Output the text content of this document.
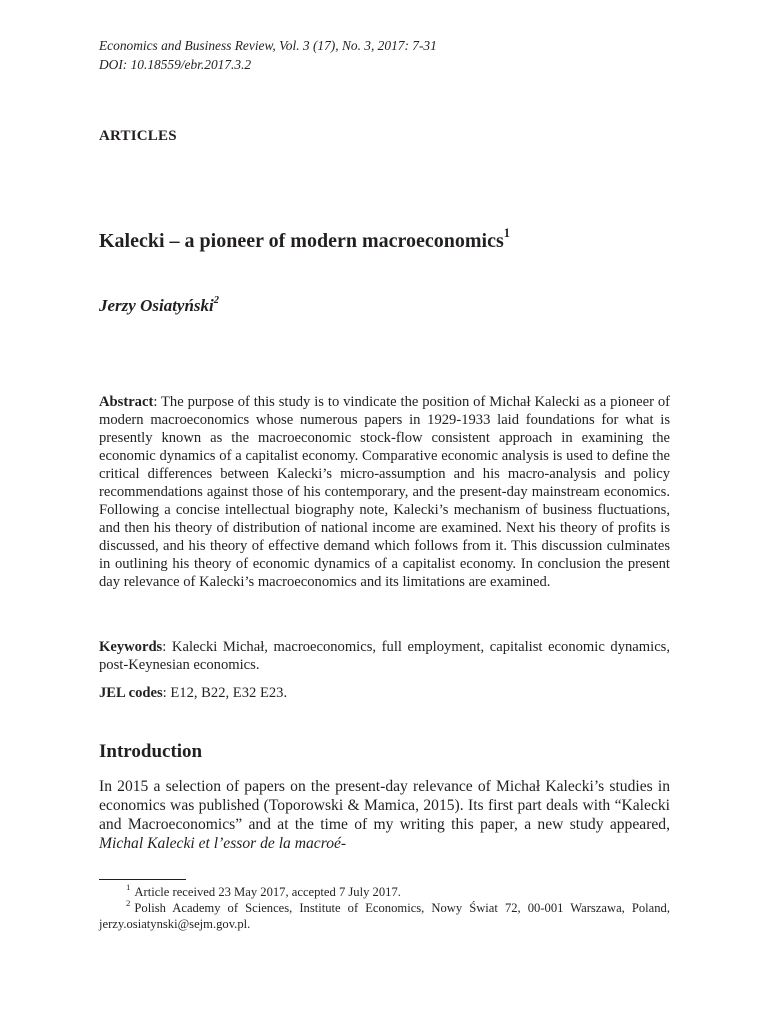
Economics and Business Review, Vol. 3 (17), No. 3, 2017: 7-31
DOI: 10.18559/ebr.2017.3.2
ARTICLES
Kalecki – a pioneer of modern macroeconomics$^1$
Jerzy Osiatyński$^2$
Abstract: The purpose of this study is to vindicate the position of Michał Kalecki as a pioneer of modern macroeconomics whose numerous papers in 1929-1933 laid foundations for what is presently known as the macroeconomic stock-flow consistent approach in examining the economic dynamics of a capitalist economy. Comparative economic analysis is used to define the critical differences between Kalecki’s micro-assumption and his macro-analysis and policy recommendations against those of his contemporary, and the present-day mainstream economics. Following a concise intellectual biography note, Kalecki’s mechanism of business fluctuations, and then his theory of distribution of national income are examined. Next his theory of profits is discussed, and his theory of effective demand which follows from it. This discussion culminates in outlining his theory of economic dynamics of a capitalist economy. In conclusion the present day relevance of Kalecki’s macroeconomics and its limitations are examined.
Keywords: Kalecki Michał, macroeconomics, full employment, capitalist economic dynamics, post-Keynesian economics.
JEL codes: E12, B22, E32 E23.
Introduction
In 2015 a selection of papers on the present-day relevance of Michał Kalecki’s studies in economics was published (Toporowski & Mamica, 2015). Its first part deals with “Kalecki and Macroeconomics” and at the time of my writing this paper, a new study appeared, Michal Kalecki et l’essor de la macroé-
$^1$ Article received 23 May 2017, accepted 7 July 2017.
$^2$ Polish Academy of Sciences, Institute of Economics, Nowy Świat 72, 00-001 Warszawa, Poland, jerzy.osiatynski@sejm.gov.pl.
